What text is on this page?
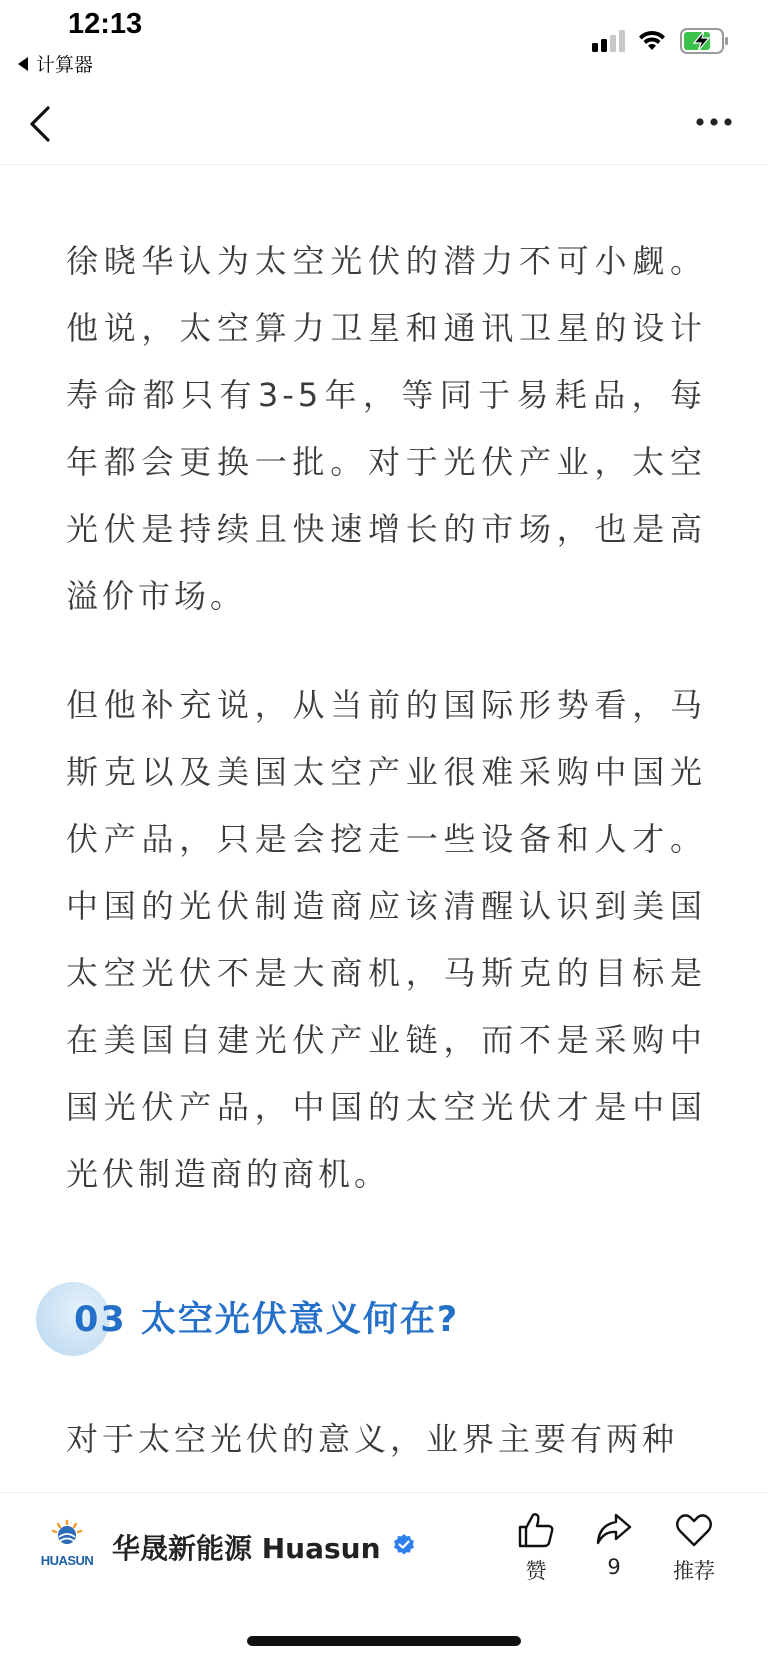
12:13
计算器
徐晓华认为太空光伏的潜力不可小觑。他说，太空算力卫星和通讯卫星的设计寿命都只有3-5年，等同于易耗品，每年都会更换一批。对于光伏产业，太空光伏是持续且快速增长的市场，也是高溢价市场。
但他补充说，从当前的国际形势看，马斯克以及美国太空产业很难采购中国光伏产品，只是会挖走一些设备和人才。中国的光伏制造商应该清醒认识到美国太空光伏不是大商机，马斯克的目标是在美国自建光伏产业链，而不是采购中国光伏产品，中国的太空光伏才是中国光伏制造商的商机。
03 太空光伏意义何在?
对于太空光伏的意义，业界主要有两种
HUASUN 华晟新能源 Huasun
赞	9	推荐
